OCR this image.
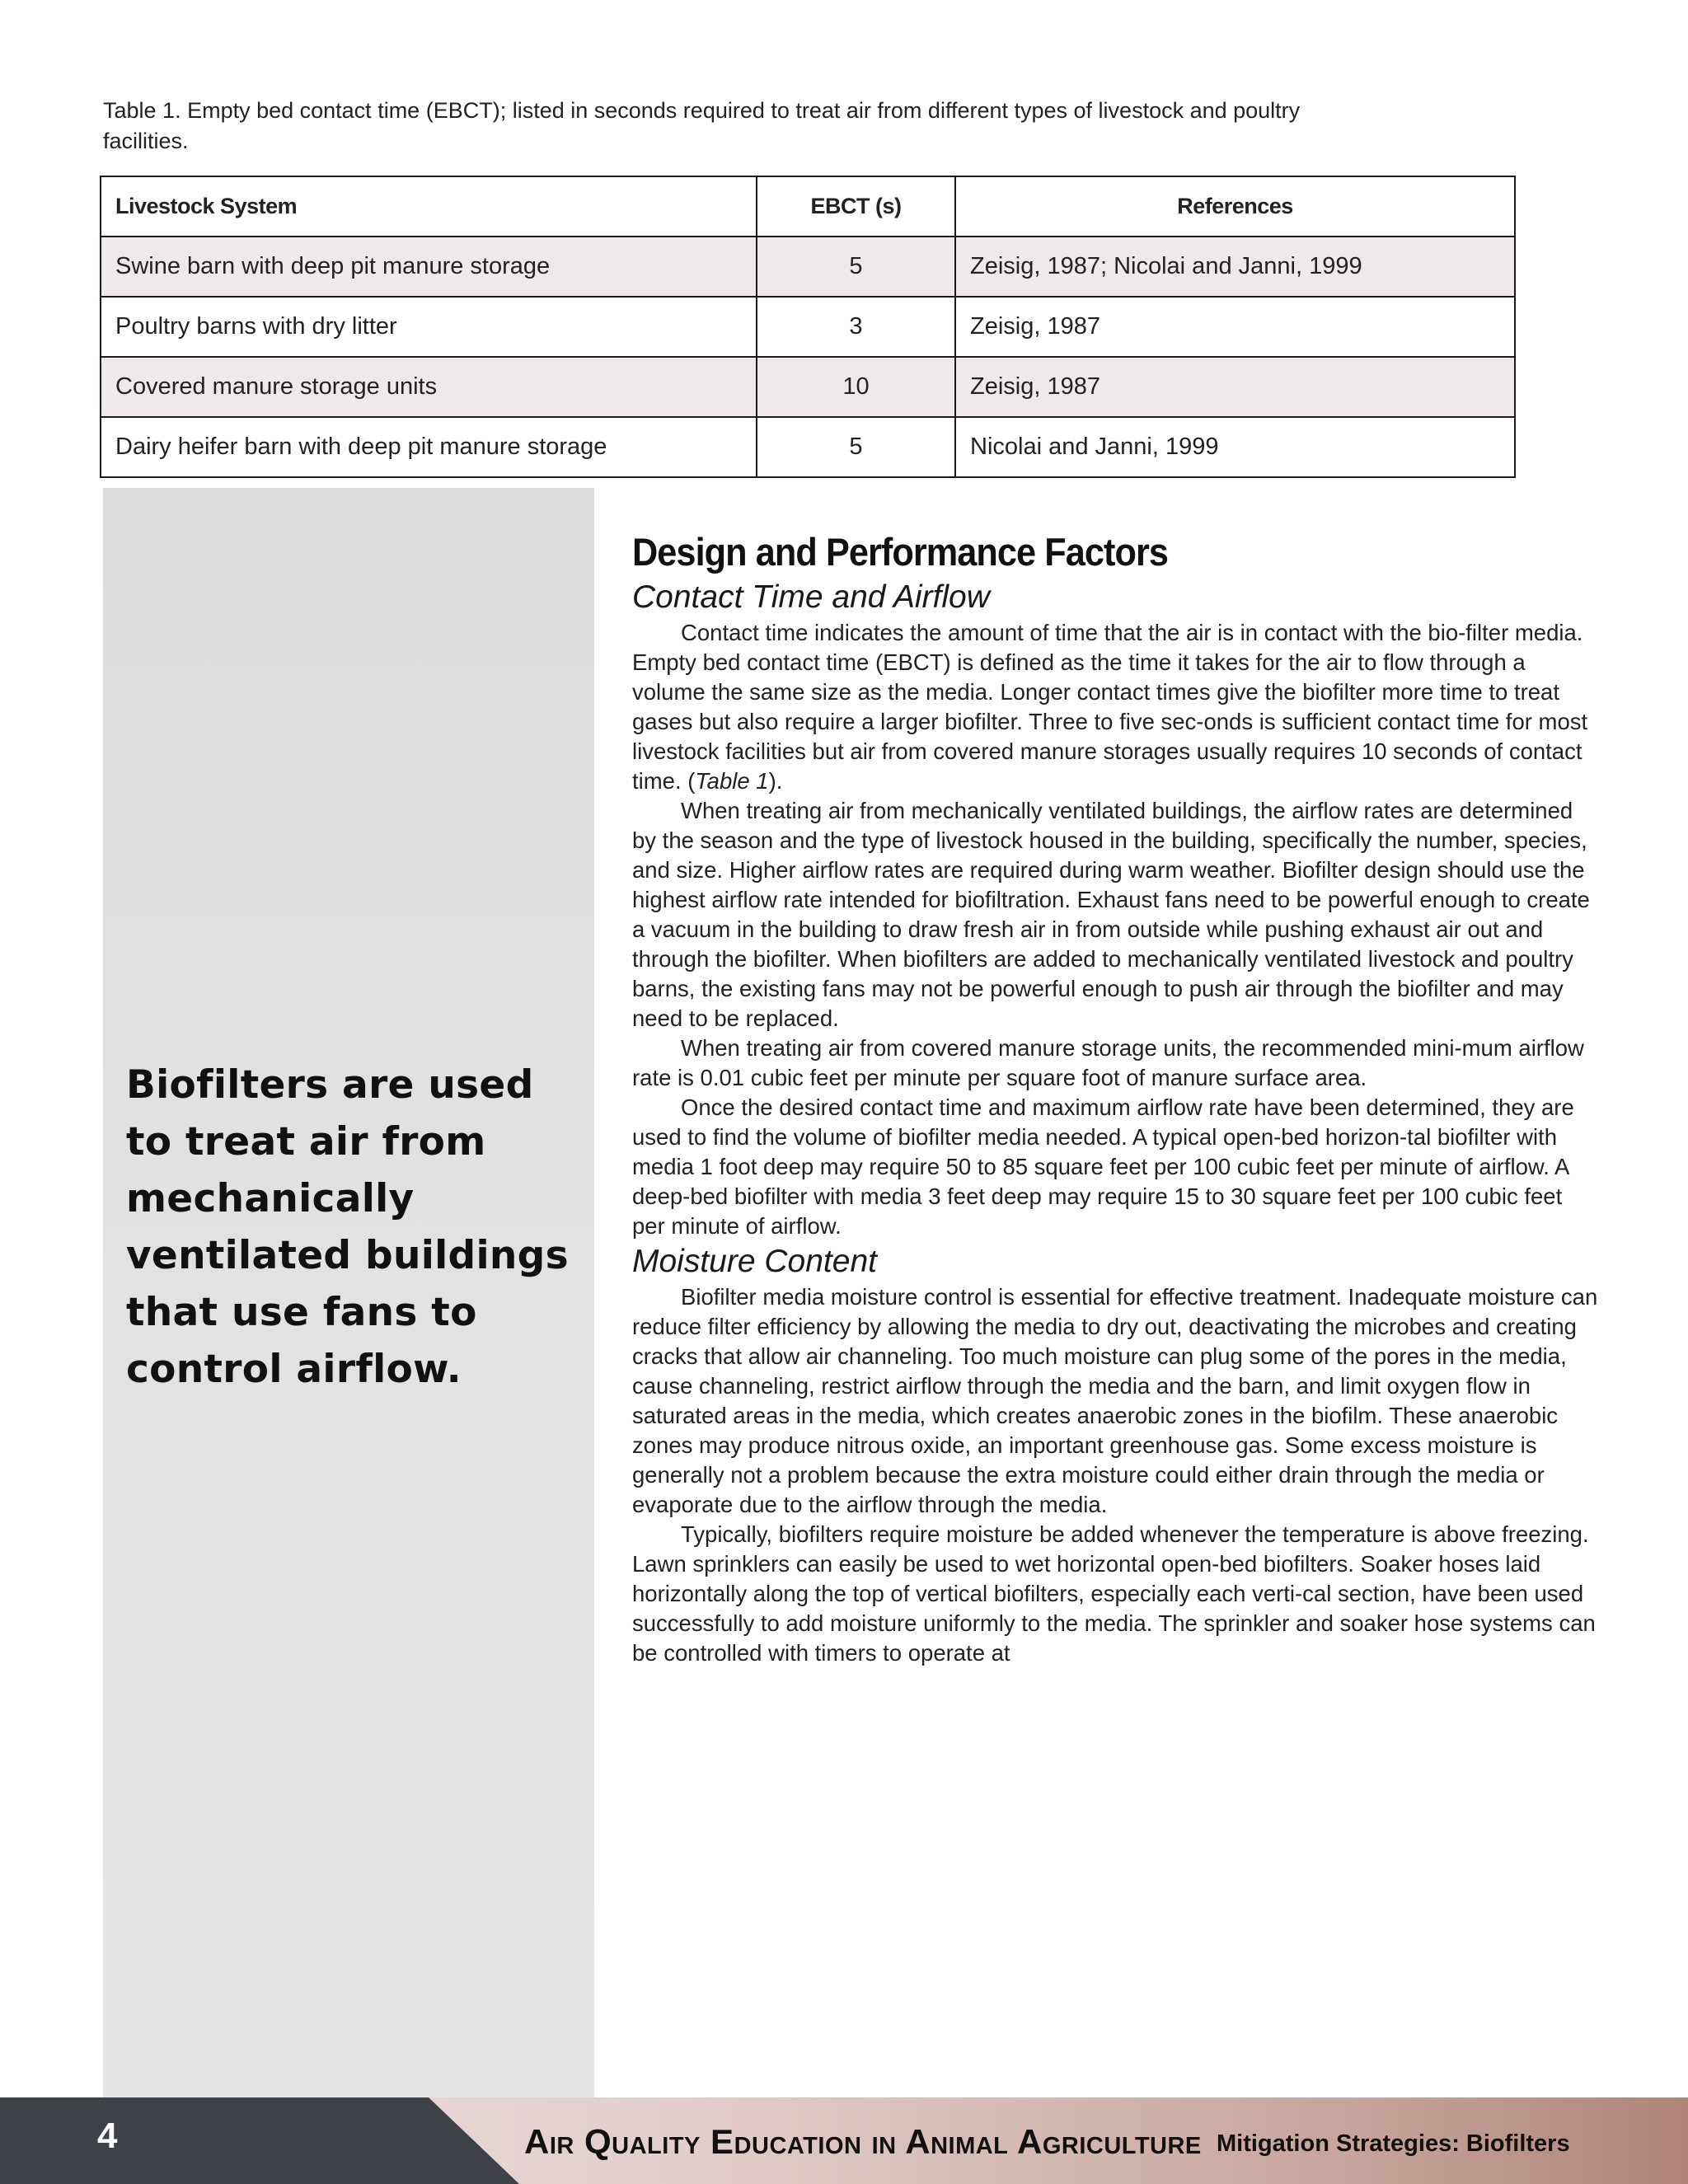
Table 1. Empty bed contact time (EBCT); listed in seconds required to treat air from different types of livestock and poultry facilities.
Livestock System	EBCT (s)	References
Swine barn with deep pit manure storage	5	Zeisig, 1987; Nicolai and Janni, 1999
Poultry barns with dry litter	3	Zeisig, 1987
Covered manure storage units	10	Zeisig, 1987
Dairy heifer barn with deep pit manure storage	5	Nicolai and Janni, 1999
Biofilters are used to treat air from mechanically ventilated buildings that use fans to control airflow.
Design and Performance Factors
Contact Time and Airflow

Contact time indicates the amount of time that the air is in contact with the bio-filter media. Empty bed contact time (EBCT) is defined as the time it takes for the air to flow through a volume the same size as the media. Longer contact times give the biofilter more time to treat gases but also require a larger biofilter. Three to five sec-onds is sufficient contact time for most livestock facilities but air from covered manure storages usually requires 10 seconds of contact time. (Table 1).

When treating air from mechanically ventilated buildings, the airflow rates are determined by the season and the type of livestock housed in the building, specifically the number, species, and size. Higher airflow rates are required during warm weather. Biofilter design should use the highest airflow rate intended for biofiltration. Exhaust fans need to be powerful enough to create a vacuum in the building to draw fresh air in from outside while pushing exhaust air out and through the biofilter. When biofilters are added to mechanically ventilated livestock and poultry barns, the existing fans may not be powerful enough to push air through the biofilter and may need to be replaced.

When treating air from covered manure storage units, the recommended mini-mum airflow rate is 0.01 cubic feet per minute per square foot of manure surface area.

Once the desired contact time and maximum airflow rate have been determined, they are used to find the volume of biofilter media needed. A typical open-bed horizon-tal biofilter with media 1 foot deep may require 50 to 85 square feet per 100 cubic feet per minute of airflow. A deep-bed biofilter with media 3 feet deep may require 15 to 30 square feet per 100 cubic feet per minute of airflow.

Moisture Content

Biofilter media moisture control is essential for effective treatment. Inadequate moisture can reduce filter efficiency by allowing the media to dry out, deactivating the microbes and creating cracks that allow air channeling. Too much moisture can plug some of the pores in the media, cause channeling, restrict airflow through the media and the barn, and limit oxygen flow in saturated areas in the media, which creates anaerobic zones in the biofilm. These anaerobic zones may produce nitrous oxide, an important greenhouse gas. Some excess moisture is generally not a problem because the extra moisture could either drain through the media or evaporate due to the airflow through the media.

Typically, biofilters require moisture be added whenever the temperature is above freezing. Lawn sprinklers can easily be used to wet horizontal open-bed biofilters. Soaker hoses laid horizontally along the top of vertical biofilters, especially each verti-cal section, have been used successfully to add moisture uniformly to the media. The sprinkler and soaker hose systems can be controlled with timers to operate at

4	Air Quality Education in Animal Agriculture Mitigation Strategies: Biofilters
